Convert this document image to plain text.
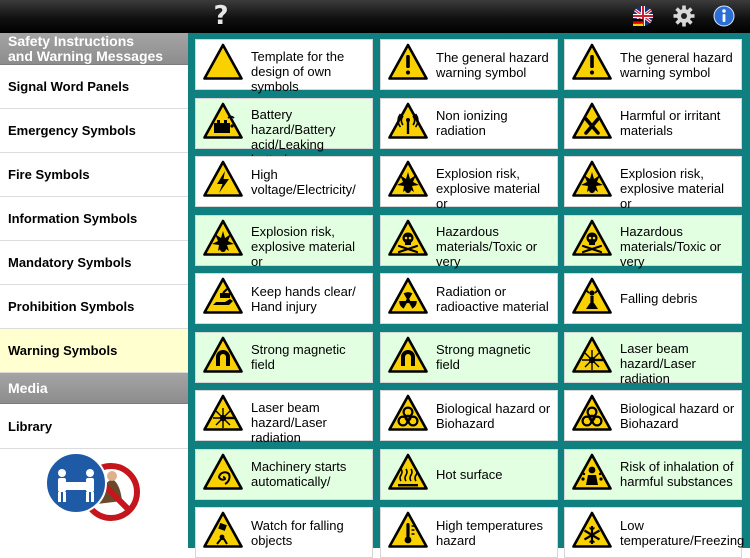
?
Safety Instructions
and Warning Messages
Signal Word Panels
Emergency Symbols
Fire Symbols
Information Symbols
Mandatory Symbols
Prohibition Symbols
Warning Symbols
Media
Library
Template for the design of own symbols
The general hazard warning symbol
The general hazard warning symbol
Battery hazard/Battery acid/Leaking
Non ionizing radiation
Harmful or irritant materials
High voltage/Electricity/
Explosion risk, explosive material or
Explosion risk, explosive material or
Explosion risk, explosive material or
Hazardous materials/Toxic or very
Hazardous materials/Toxic or very
Keep hands clear/ Hand injury
Radiation or radioactive material	Falling debris
Strong magnetic field
Strong magnetic field
Laser beam hazard/Laser radiation
Laser beam hazard/Laser radiation
Biological hazard or Biohazard
Biological hazard or Biohazard
Machinery starts automatically/	Hot surface	Risk of inhalation of harmful substances
Watch for falling objects
High temperatures hazard
Low temperature/Freezing
